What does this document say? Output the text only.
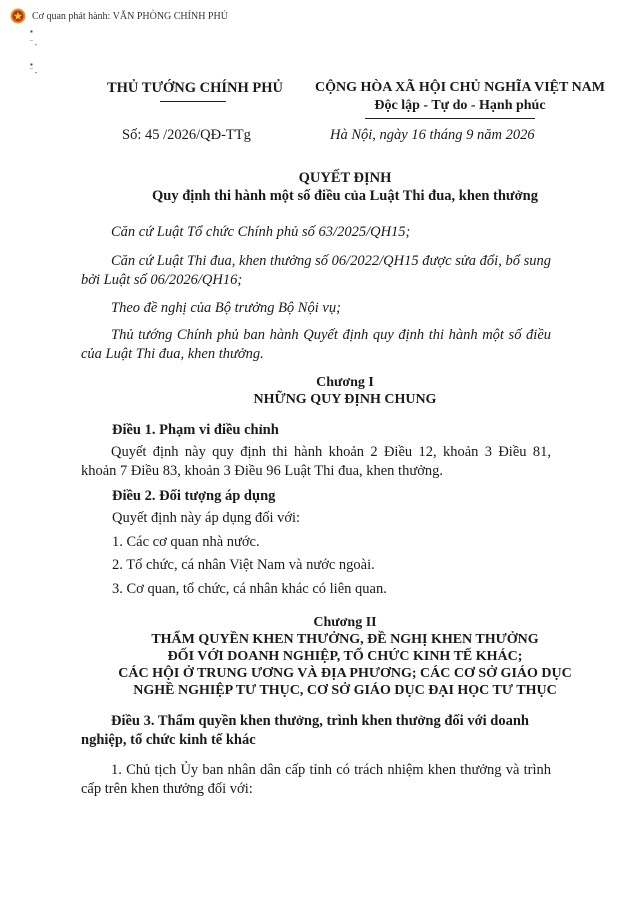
Cơ quan phát hành: VĂN PHÒNG CHÍNH PHỦ
▪
‾ -
▪
‾ -
THỦ TƯỚNG CHÍNH PHỦ	CỘNG HÒA XÃ HỘI CHỦ NGHĨA VIỆT NAM
Độc lập - Tự do - Hạnh phúc
Số: 45 /2026/QĐ-TTg	Hà Nội, ngày 16 tháng 9 năm 2026
QUYẾT ĐỊNH
Quy định thi hành một số điều của Luật Thi đua, khen thưởng
Căn cứ Luật Tổ chức Chính phủ số 63/2025/QH15;
Căn cứ Luật Thi đua, khen thưởng số 06/2022/QH15 được sửa đổi, bổ sung bởi Luật số 06/2026/QH16;
Theo đề nghị của Bộ trưởng Bộ Nội vụ;
Thủ tướng Chính phủ ban hành Quyết định quy định thi hành một số điều của Luật Thi đua, khen thưởng.
Chương I
NHỮNG QUY ĐỊNH CHUNG
Điều 1. Phạm vi điều chỉnh
Quyết định này quy định thi hành khoản 2 Điều 12, khoản 3 Điều 81, khoản 7 Điều 83, khoản 3 Điều 96 Luật Thi đua, khen thưởng.
Điều 2. Đối tượng áp dụng
Quyết định này áp dụng đối với:
1. Các cơ quan nhà nước.
2. Tổ chức, cá nhân Việt Nam và nước ngoài.
3. Cơ quan, tổ chức, cá nhân khác có liên quan.
Chương II
THẨM QUYỀN KHEN THƯỞNG, ĐỀ NGHỊ KHEN THƯỞNG
ĐỐI VỚI DOANH NGHIỆP, TỔ CHỨC KINH TẾ KHÁC;
CÁC HỘI Ở TRUNG ƯƠNG VÀ ĐỊA PHƯƠNG; CÁC CƠ SỞ GIÁO DỤC
NGHỀ NGHIỆP TƯ THỤC, CƠ SỞ GIÁO DỤC ĐẠI HỌC TƯ THỤC
Điều 3. Thẩm quyền khen thưởng, trình khen thưởng đối với doanh nghiệp, tổ chức kinh tế khác
1. Chủ tịch Ủy ban nhân dân cấp tỉnh có trách nhiệm khen thưởng và trình cấp trên khen thưởng đối với:
